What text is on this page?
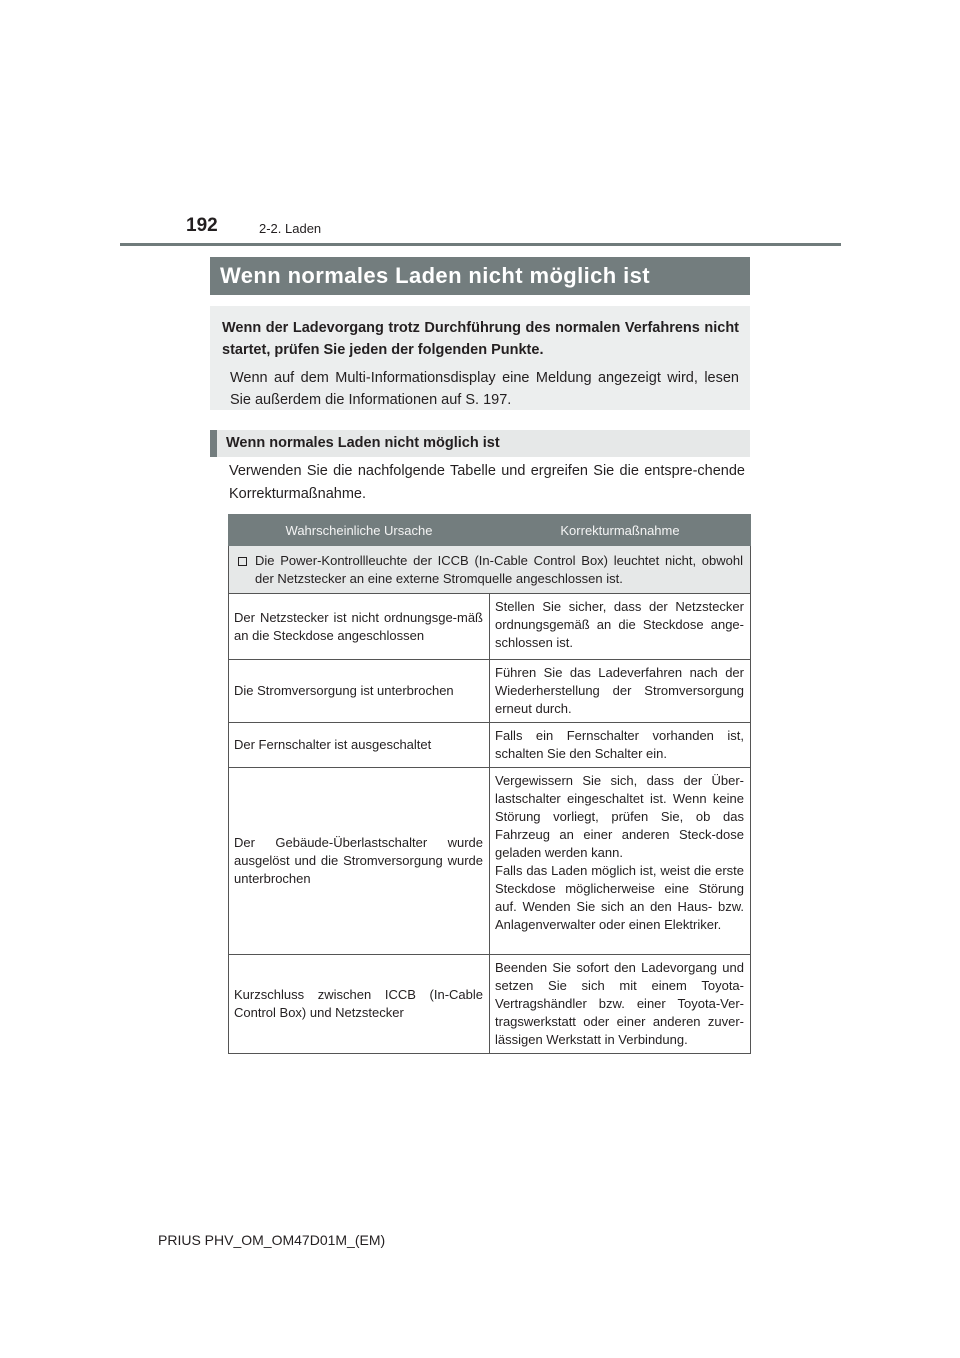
192	2-2. Laden
Wenn normales Laden nicht möglich ist

Wenn der Ladevorgang trotz Durchführung des normalen Verfahrens nicht startet, prüfen Sie jeden der folgenden Punkte.

Wenn auf dem Multi-Informationsdisplay eine Meldung angezeigt wird, lesen Sie außerdem die Informationen auf S. 197.

Wenn normales Laden nicht möglich ist

Verwenden Sie die nachfolgende Tabelle und ergreifen Sie die entspre-chende Korrekturmaßnahme.

Wahrscheinliche Ursache	Korrekturmaßnahme

Die Power-Kontrollleuchte der ICCB (In-Cable Control Box) leuchtet nicht, obwohl der Netzstecker an eine externe Stromquelle angeschlossen ist.	

Der Netzstecker ist nicht ordnungsge-mäß an die Steckdose angeschlossen	Stellen Sie sicher, dass der Netzstecker ordnungsgemäß an die Steckdose ange-schlossen ist.
Die Stromversorgung ist unterbrochen	Führen Sie das Ladeverfahren nach der Wiederherstellung der Stromversorgung erneut durch.
Der Fernschalter ist ausgeschaltet	Falls ein Fernschalter vorhanden ist, schalten Sie den Schalter ein.
Der Gebäude-Überlastschalter wurde ausgelöst und die Stromversorgung wurde unterbrochen	Vergewissern Sie sich, dass der Über-lastschalter eingeschaltet ist. Wenn keine Störung vorliegt, prüfen Sie, ob das Fahrzeug an einer anderen Steck-dose geladen werden kann.
Falls das Laden möglich ist, weist die erste Steckdose möglicherweise eine Störung auf. Wenden Sie sich an den Haus- bzw. Anlagenverwalter oder einen Elektriker.

Kurzschluss zwischen ICCB (In-Cable Control Box) und Netzstecker	Beenden Sie sofort den Ladevorgang und setzen Sie sich mit einem Toyota-Vertragshändler bzw. einer Toyota-Ver-tragswerkstatt oder einer anderen zuver-lässigen Werkstatt in Verbindung.
PRIUS PHV_OM_OM47D01M_(EM)
